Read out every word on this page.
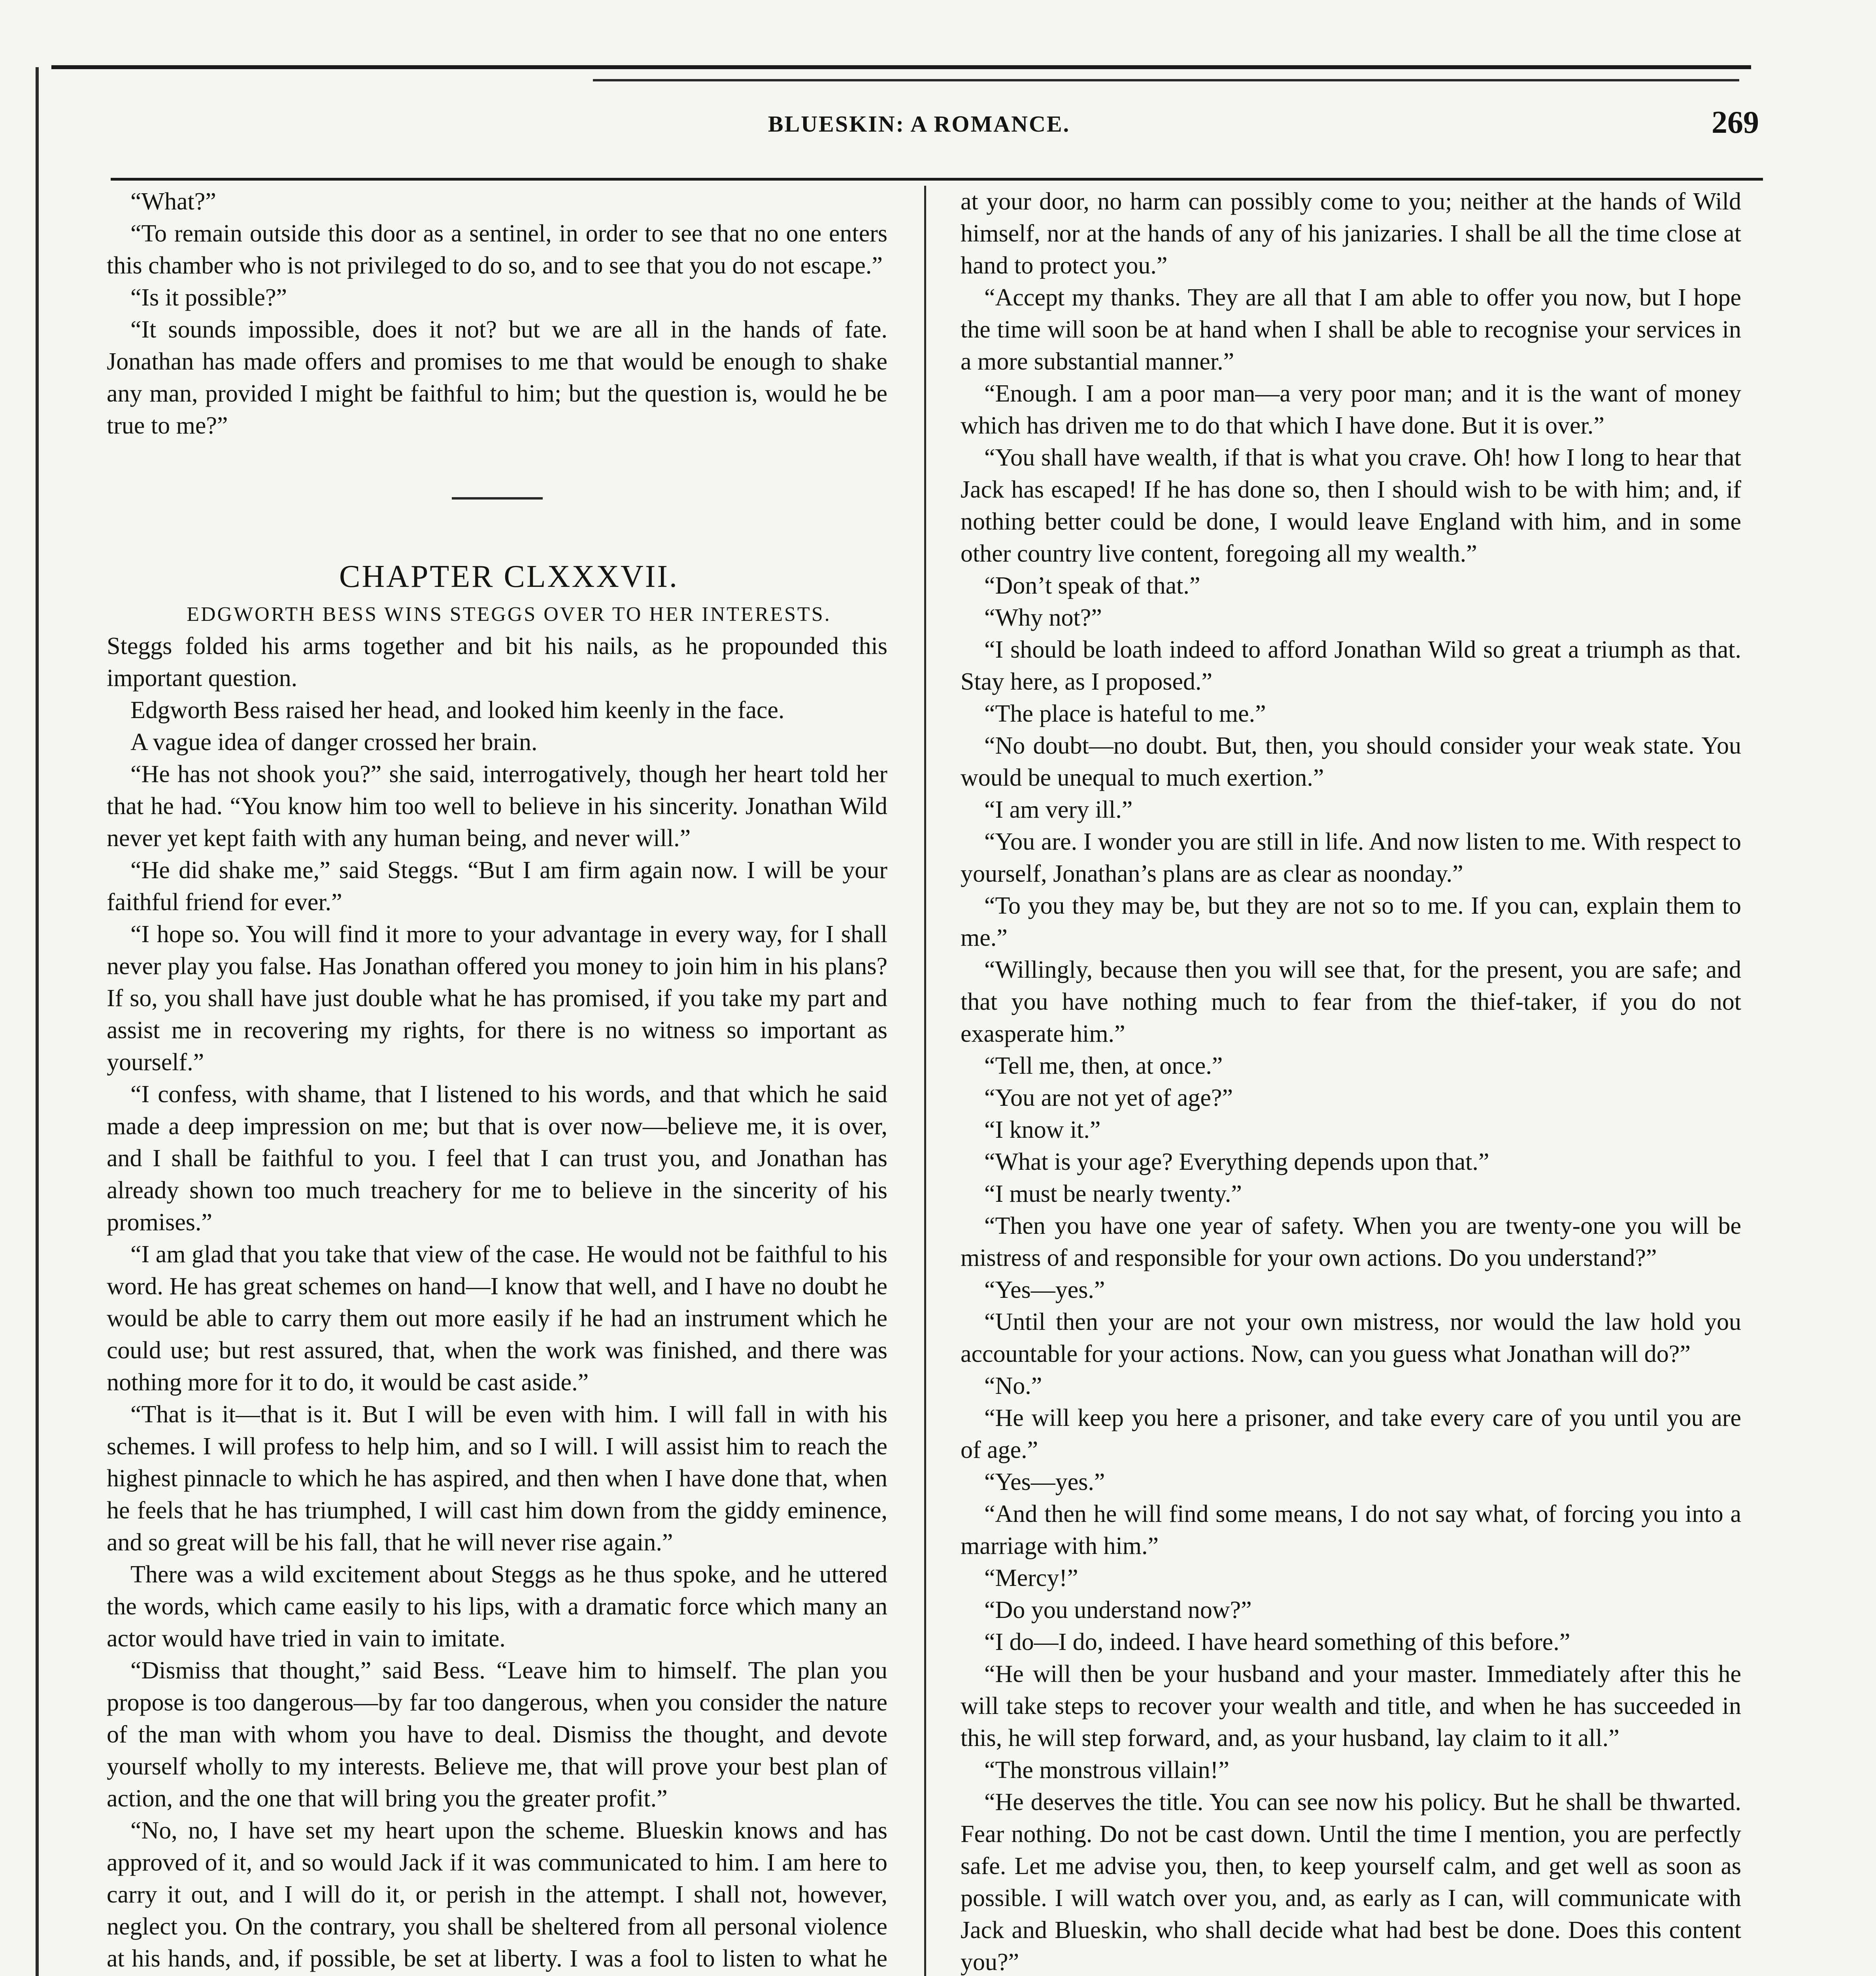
BLUESKIN: A ROMANCE.	269

“What?”

“To remain outside this door as a sentinel, in order to see that no one enters this chamber who is not privileged to do so, and to see that you do not escape.”

“Is it possible?”

“It sounds impossible, does it not? but we are all in the hands of fate. Jonathan has made offers and promises to me that would be enough to shake any man, provided I might be faithful to him; but the question is, would he be true to me?”

CHAPTER CLXXXVII.

EDGWORTH BESS WINS STEGGS OVER TO HER INTERESTS.

Steggs folded his arms together and bit his nails, as he propounded this important question.

Edgworth Bess raised her head, and looked him keenly in the face.

A vague idea of danger crossed her brain.

“He has not shook you?” she said, interrogatively, though her heart told her that he had. “You know him too well to believe in his sincerity. Jonathan Wild never yet kept faith with any human being, and never will.”

“He did shake me,” said Steggs. “But I am firm again now. I will be your faithful friend for ever.”

“I hope so. You will find it more to your advantage in every way, for I shall never play you false. Has Jonathan offered you money to join him in his plans? If so, you shall have just double what he has promised, if you take my part and assist me in recovering my rights, for there is no witness so important as yourself.”

“I confess, with shame, that I listened to his words, and that which he said made a deep impression on me; but that is over now—believe me, it is over, and I shall be faithful to you. I feel that I can trust you, and Jonathan has already shown too much treachery for me to believe in the sincerity of his promises.”

“I am glad that you take that view of the case. He would not be faithful to his word. He has great schemes on hand—I know that well, and I have no doubt he would be able to carry them out more easily if he had an instrument which he could use; but rest assured, that, when the work was finished, and there was nothing more for it to do, it would be cast aside.”

“That is it—that is it. But I will be even with him. I will fall in with his schemes. I will profess to help him, and so I will. I will assist him to reach the highest pinnacle to which he has aspired, and then when I have done that, when he feels that he has triumphed, I will cast him down from the giddy eminence, and so great will be his fall, that he will never rise again.”

There was a wild excitement about Steggs as he thus spoke, and he uttered the words, which came easily to his lips, with a dramatic force which many an actor would have tried in vain to imitate.

“Dismiss that thought,” said Bess. “Leave him to himself. The plan you propose is too dangerous—by far too dangerous, when you consider the nature of the man with whom you have to deal. Dismiss the thought, and devote yourself wholly to my interests. Believe me, that will prove your best plan of action, and the one that will bring you the greater profit.”

“No, no, I have set my heart upon the scheme. Blueskin knows and has approved of it, and so would Jack if it was communicated to him. I am here to carry it out, and I will do it, or perish in the attempt. I shall not, however, neglect you. On the contrary, you shall be sheltered from all personal violence at his hands, and, if possible, be set at liberty. I was a fool to listen to what he

at your door, no harm can possibly come to you; neither at the hands of Wild himself, nor at the hands of any of his janizaries. I shall be all the time close at hand to protect you.”

“Accept my thanks. They are all that I am able to offer you now, but I hope the time will soon be at hand when I shall be able to recognise your services in a more substantial manner.”

“Enough. I am a poor man—a very poor man; and it is the want of money which has driven me to do that which I have done. But it is over.”

“You shall have wealth, if that is what you crave. Oh! how I long to hear that Jack has escaped! If he has done so, then I should wish to be with him; and, if nothing better could be done, I would leave England with him, and in some other country live content, foregoing all my wealth.”

“Don’t speak of that.”

“Why not?”

“I should be loath indeed to afford Jonathan Wild so great a triumph as that. Stay here, as I proposed.”

“The place is hateful to me.”

“No doubt—no doubt. But, then, you should consider your weak state. You would be unequal to much exertion.”

“I am very ill.”

“You are. I wonder you are still in life. And now listen to me. With respect to yourself, Jonathan’s plans are as clear as noonday.”

“To you they may be, but they are not so to me. If you can, explain them to me.”

“Willingly, because then you will see that, for the present, you are safe; and that you have nothing much to fear from the thief-taker, if you do not exasperate him.”

“Tell me, then, at once.”

“You are not yet of age?”

“I know it.”

“What is your age? Everything depends upon that.”

“I must be nearly twenty.”

“Then you have one year of safety. When you are twenty-one you will be mistress of and responsible for your own actions. Do you understand?”

“Yes—yes.”

“Until then your are not your own mistress, nor would the law hold you accountable for your actions. Now, can you guess what Jonathan will do?”

“No.”

“He will keep you here a prisoner, and take every care of you until you are of age.”

“Yes—yes.”

“And then he will find some means, I do not say what, of forcing you into a marriage with him.”

“Mercy!”

“Do you understand now?”

“I do—I do, indeed. I have heard something of this before.”

“He will then be your husband and your master. Immediately after this he will take steps to recover your wealth and title, and when he has succeeded in this, he will step forward, and, as your husband, lay claim to it all.”

“The monstrous villain!”

“He deserves the title. You can see now his policy. But he shall be thwarted. Fear nothing. Do not be cast down. Until the time I mention, you are perfectly safe. Let me advise you, then, to keep yourself calm, and get well as soon as possible. I will watch over you, and, as early as I can, will communicate with Jack and Blueskin, who shall decide what had best be done. Does this content you?”
